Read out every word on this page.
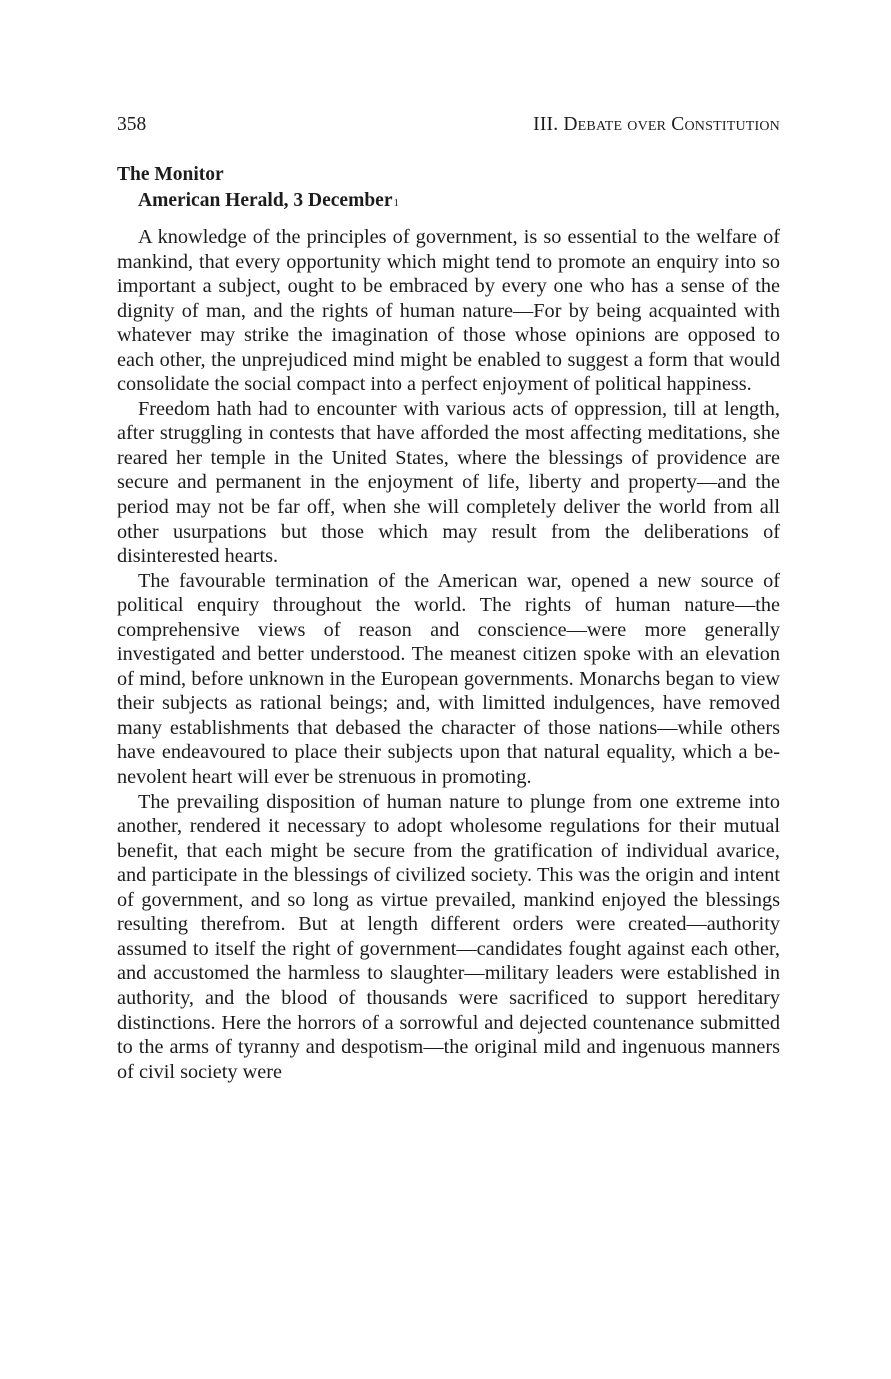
358	III. Debate over Constitution
The Monitor
American Herald, 3 December$^1$

A knowledge of the principles of government, is so essential to the welfare of mankind, that every opportunity which might tend to promote an enquiry into so important a subject, ought to be embraced by every one who has a sense of the dignity of man, and the rights of human nature—For by being acquainted with whatever may strike the imagination of those whose opinions are opposed to each other, the unprejudiced mind might be enabled to suggest a form that would consolidate the social compact into a perfect enjoyment of political happiness.

Freedom hath had to encounter with various acts of oppression, till at length, after struggling in contests that have afforded the most affecting meditations, she reared her temple in the United States, where the blessings of providence are secure and permanent in the enjoyment of life, liberty and property—and the period may not be far off, when she will completely deliver the world from all other usurpations but those which may result from the deliberations of disinterested hearts.

The favourable termination of the American war, opened a new source of political enquiry throughout the world. The rights of human nature—the comprehensive views of reason and conscience—were more generally investigated and better understood. The meanest citizen spoke with an elevation of mind, before unknown in the European governments. Monarchs began to view their subjects as rational beings; and, with limitted indulgences, have removed many establishments that debased the character of those nations—while others have endeavoured to place their subjects upon that natural equality, which a benevolent heart will ever be strenuous in promoting.

The prevailing disposition of human nature to plunge from one extreme into another, rendered it necessary to adopt wholesome regulations for their mutual benefit, that each might be secure from the gratification of individual avarice, and participate in the blessings of civilized society. This was the origin and intent of government, and so long as virtue prevailed, mankind enjoyed the blessings resulting therefrom. But at length different orders were created—authority assumed to itself the right of government—candidates fought against each other, and accustomed the harmless to slaughter—military leaders were established in authority, and the blood of thousands were sacrificed to support hereditary distinctions. Here the horrors of a sorrowful and dejected countenance submitted to the arms of tyranny and despotism—the original mild and ingenuous manners of civil society were
